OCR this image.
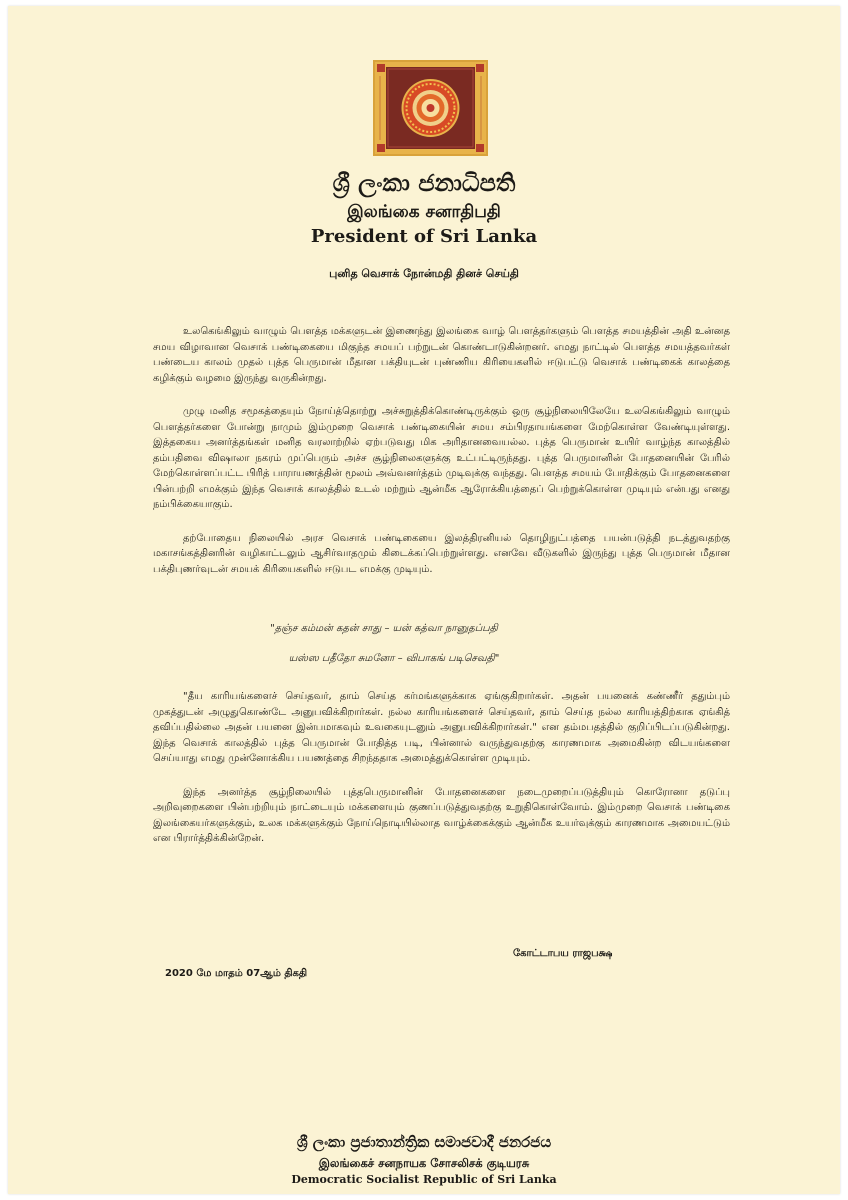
ශ්‍රී ලංකා ජනාධිපති
இலங்கை சனாதிபதி
President of Sri Lanka
புனித வெசாக் நோன்மதி தினச் செய்தி

உலகெங்கிலும் வாழும் பௌத்த மக்களுடன் இணைந்து இலங்கை வாழ் பௌத்தர்களும் பௌத்த சமயத்தின் அதி உன்னத சமய விழாவான வெசாக் பண்டிகையை மிகுந்த சமயப் பற்றுடன் கொண்டாடுகின்றனர். எமது நாட்டில் பௌத்த சமயத்தவர்கள் பண்டைய காலம் முதல் புத்த பெருமான் மீதான பக்தியுடன் புண்ணிய கிரியைகளில் ஈடுபட்டு வெசாக் பண்டிகைக் காலத்தை கழிக்கும் வழமை இருந்து வருகின்றது.

முழு மனித சமூகத்தையும் நோய்த்தொற்று அச்சுறுத்திக்கொண்டிருக்கும் ஒரு சூழ்நிலையிலேயே உலகெங்கிலும் வாழும் பௌத்தர்களை போன்று நாமும் இம்முறை வெசாக் பண்டிகையின் சமய சம்பிரதாயங்களை மேற்கொள்ள வேண்டியுள்ளது. இத்தகைய அனர்த்தங்கள் மனித வரலாற்றில் ஏற்படுவது மிக அரிதானவையல்ல. புத்த பெருமான் உயிர் வாழ்ந்த காலத்தில் தம்பதிவை விஷாலா நகரம் முப்பெரும் அச்ச சூழ்நிலைகளுக்கு உட்பட்டிருந்தது. புத்த பெருமானின் போதனையின் பேரில் மேற்கொள்ளப்பட்ட பிரித் பாராயணத்தின் மூலம் அவ்வனர்த்தம் முடிவுக்கு வந்தது. பௌத்த சமயம் போதிக்கும் போதனைகளை பின்பற்றி எமக்கும் இந்த வெசாக் காலத்தில் உடல் மற்றும் ஆன்மீக ஆரோக்கியத்தைப் பெற்றுக்கொள்ள முடியும் என்பது எனது நம்பிக்கையாகும்.

தற்போதைய நிலையில் அரச வெசாக் பண்டிகையை இலத்திரனியல் தொழிநுட்பத்தை பயன்படுத்தி நடத்துவதற்கு மகாசங்கத்தினரின் வழிகாட்டலும் ஆசிர்வாதமும் கிடைக்கப்பெற்றுள்ளது. எனவே வீடுகளில் இருந்து புத்த பெருமான் மீதான பக்திபுணர்வுடன் சமயக் கிரியைகளில் ஈடுபட எமக்கு முடியும்.

"தஞ்ச கம்மன் கதன் சாது – யன் கத்வா நானுதப்பதி
யஸ்ஸ பதீதோ சுமனோ – விபாகங் படிசெவதி"

"தீய காரியங்களைச் செய்தவர், தாம் செய்த கர்மங்களுக்காக ஏங்குகிறார்கள். அதன் பயனைக் கண்ணீர் ததும்பும் முகத்துடன் அழுதுகொண்டே அனுபவிக்கிறார்கள். நல்ல காரியங்களைச் செய்தவர், தாம் செய்த நல்ல காரியத்திற்காக ஏங்கித் தவிப்பதில்லை அதன் பயனை இன்பமாகவும் உவகையுடனும் அனுபவிக்கிறார்கள்." என தம்மபதத்தில் குறிப்பிடப்படுகின்றது. இந்த வெசாக் காலத்தில் புத்த பெருமான் போதித்த படி, பின்னால் வருந்துவதற்கு காரணமாக அமைகின்ற விடயங்களை செய்யாது எமது முன்னோக்கிய பயணத்தை சிறந்ததாக அமைத்துக்கொள்ள முடியும்.

இந்த அனர்த்த சூழ்நிலையில் புத்தபெருமானின் போதனைகளை நடைமுறைப்படுத்தியும் கொரோனா தடுப்பு அறிவுறைகளை பின்பற்றியும் நாட்டையும் மக்களையும் குணப்படுத்துவதற்கு உறுதிகொள்வோம். இம்முறை வெசாக் பண்டிகை இலங்கையர்களுக்கும், உலக மக்களுக்கும் நோய்நொடியில்லாத வாழ்க்கைக்கும் ஆன்மீக உயர்வுக்கும் காரணமாக அமையட்டும் என பிரார்த்திக்கின்றேன்.

கோட்டாபய ராஜபக்ஷ
2020 மே மாதம் 07ஆம் திகதி
ශ්‍රී ලංකා ප්‍රජාතාන්ත්‍රික සමාජවාදී ජනරජය
இலங்கைச் சனநாயக சோசலிசக் குடியரசு
Democratic Socialist Republic of Sri Lanka
